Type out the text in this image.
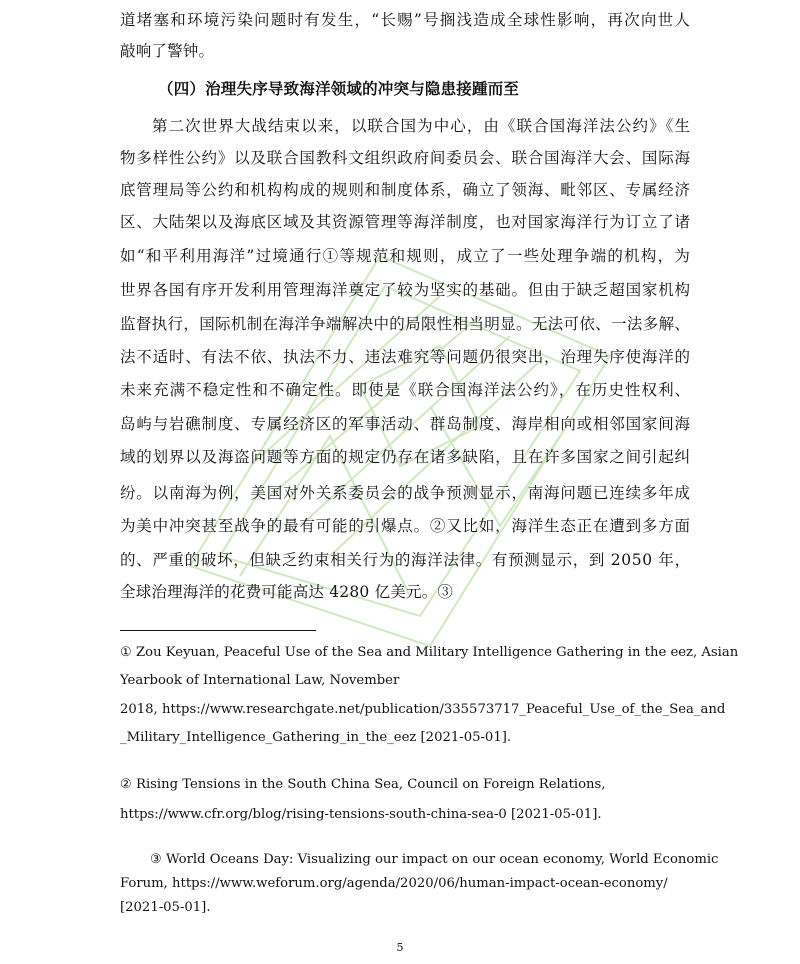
道堵塞和环境污染问题时有发生，“长赐”号搁浅造成全球性影响，再次向世人
敲响了警钟。
（四）治理失序导致海洋领域的冲突与隐患接踵而至
第二次世界大战结束以来，以联合国为中心，由《联合国海洋法公约》《生
物多样性公约》以及联合国教科文组织政府间委员会、联合国海洋大会、国际海
底管理局等公约和机构构成的规则和制度体系，确立了领海、毗邻区、专属经济
区、大陆架以及海底区域及其资源管理等海洋制度，也对国家海洋行为订立了诸
如“和平利用海洋”过境通行①等规范和规则，成立了一些处理争端的机构，为
世界各国有序开发利用管理海洋奠定了较为坚实的基础。但由于缺乏超国家机构
监督执行，国际机制在海洋争端解决中的局限性相当明显。无法可依、一法多解、
法不适时、有法不依、执法不力、违法难究等问题仍很突出，治理失序使海洋的
未来充满不稳定性和不确定性。即使是《联合国海洋法公约》，在历史性权利、
岛屿与岩礁制度、专属经济区的军事活动、群岛制度、海岸相向或相邻国家间海
域的划界以及海盗问题等方面的规定仍存在诸多缺陷，且在许多国家之间引起纠
纷。以南海为例，美国对外关系委员会的战争预测显示，南海问题已连续多年成
为美中冲突甚至战争的最有可能的引爆点。②又比如，海洋生态正在遭到多方面
的、严重的破坏，但缺乏约束相关行为的海洋法律。有预测显示，到 2050 年，
全球治理海洋的花费可能高达 4280 亿美元。③
① Zou Keyuan, Peaceful Use of the Sea and Military Intelligence Gathering in the eez, Asian
Yearbook of International Law, November
2018, https://www.researchgate.net/publication/335573717_Peaceful_Use_of_the_Sea_and
_Military_Intelligence_Gathering_in_the_eez [2021-05-01].
② Rising Tensions in the South China Sea, Council on Foreign Relations,
https://www.cfr.org/blog/rising-tensions-south-china-sea-0 [2021-05-01].
③ World Oceans Day: Visualizing our impact on our ocean economy, World Economic
Forum, https://www.weforum.org/agenda/2020/06/human-impact-ocean-economy/
[2021-05-01].
5
